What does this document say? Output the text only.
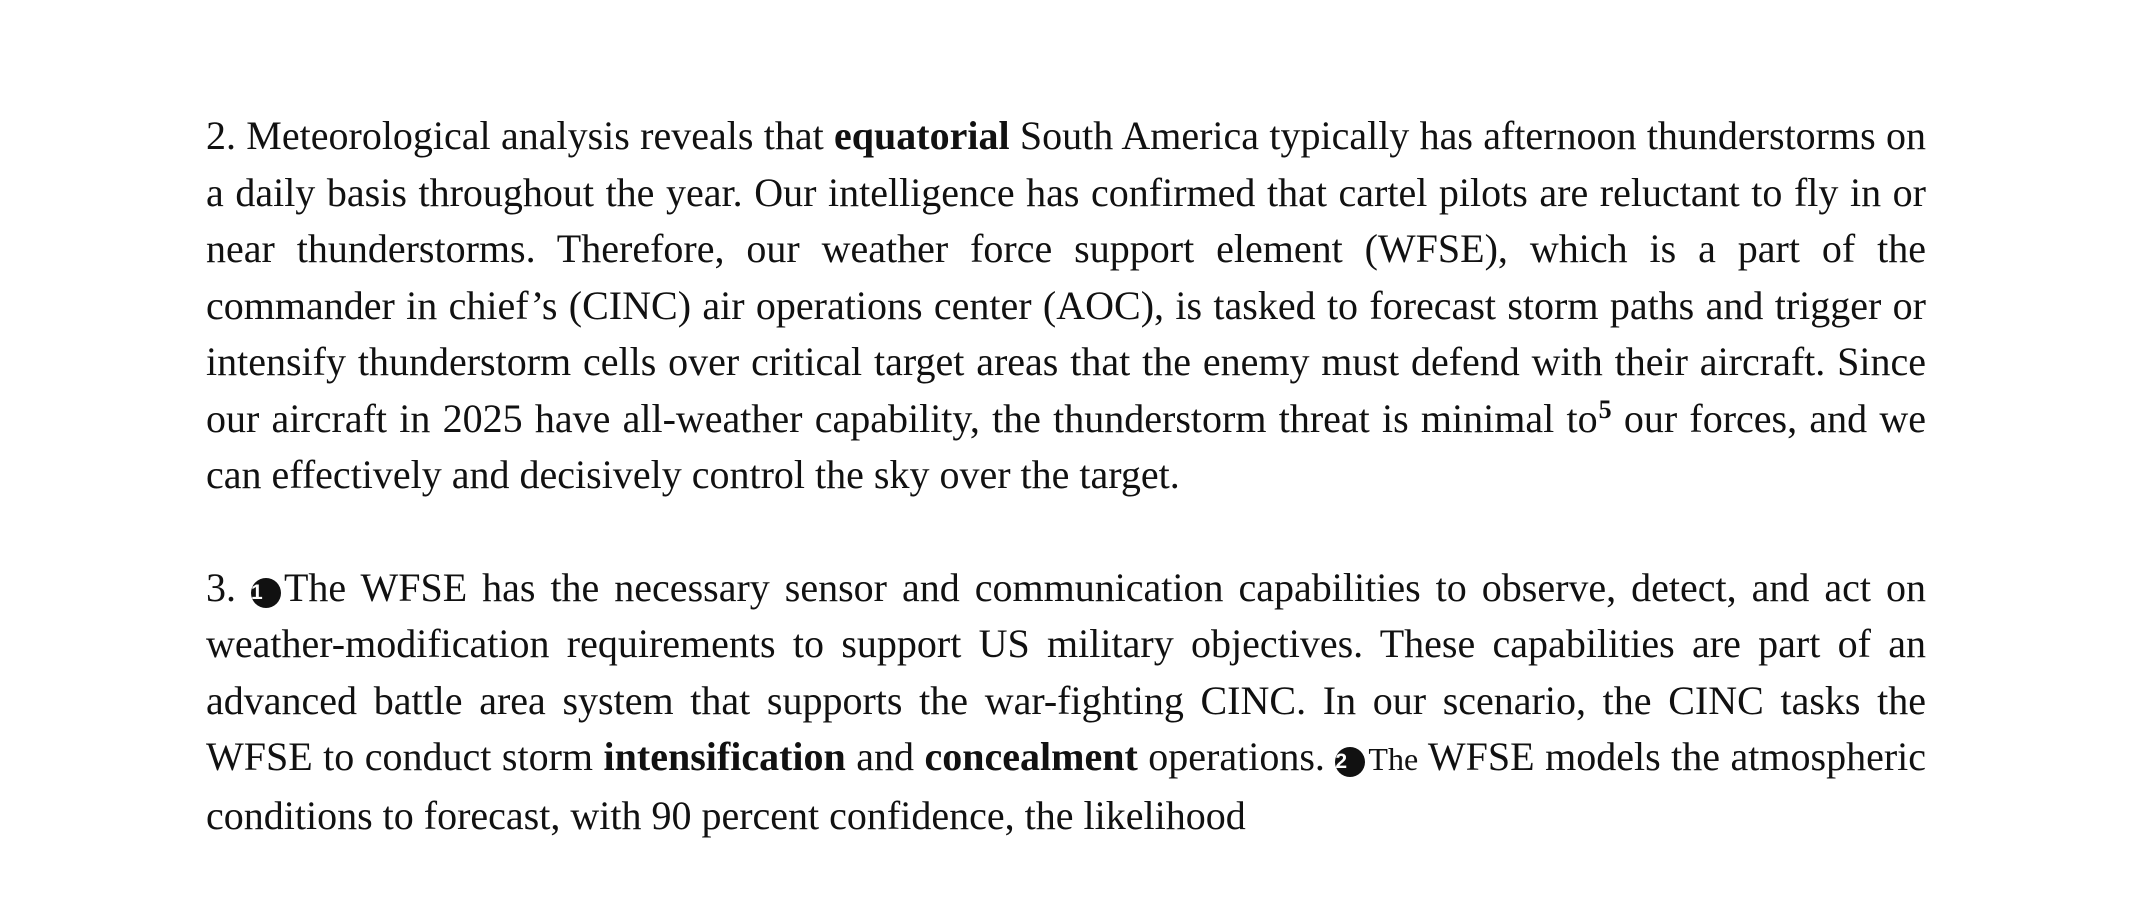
2. Meteorological analysis reveals that equatorial South America typically has afternoon thunderstorms on a daily basis throughout the year. Our intelligence has confirmed that cartel pilots are reluctant to fly in or near thunderstorms. Therefore, our weather force support element (WFSE), which is a part of the commander in chief’s (CINC) air operations center (AOC), is tasked to forecast storm paths and trigger or intensify thunderstorm cells over critical target areas that the enemy must defend with their aircraft. Since our aircraft in 2025 have all-weather capability, the thunderstorm threat is minimal to$^5$ our forces, and we can effectively and decisively control the sky over the target.

3. 1 The WFSE has the necessary sensor and communication capabilities to observe, detect, and act on weather-modification requirements to support US military objectives. These capabilities are part of an advanced battle area system that supports the war-fighting CINC. In our scenario, the CINC tasks the WFSE to conduct storm intensification and concealment operations. 2 The WFSE models the atmospheric conditions to forecast, with 90 percent confidence, the likelihood
